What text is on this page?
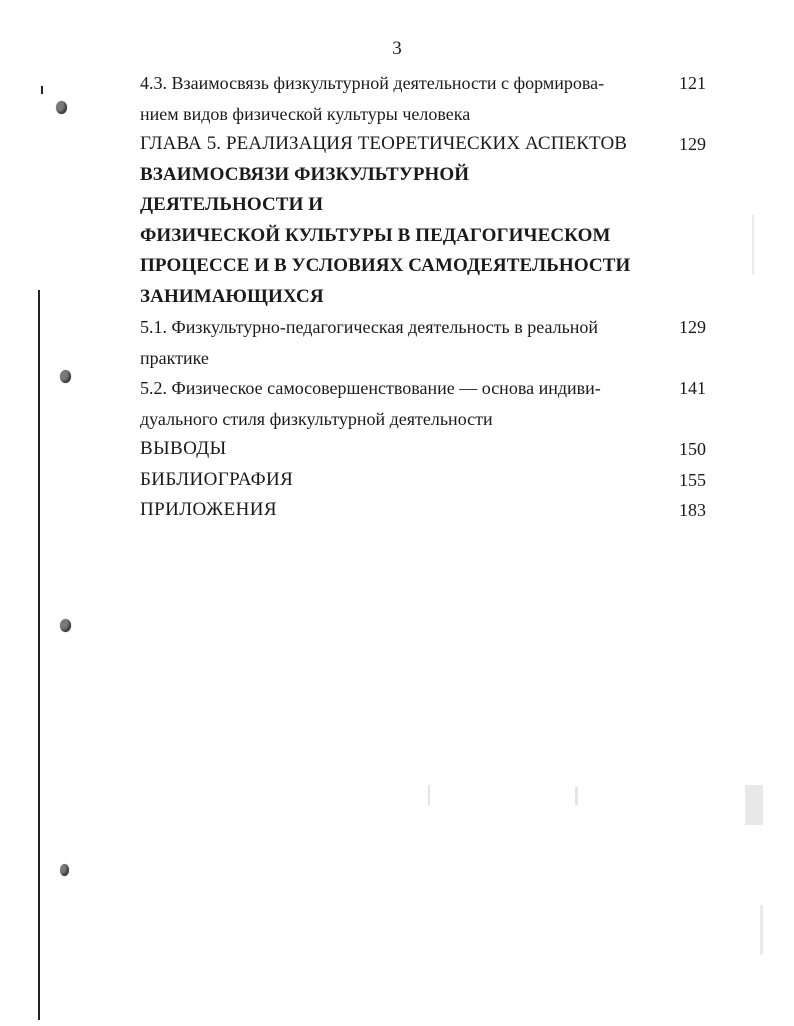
3
4.3. Взаимосвязь физкультурной деятельности с формирова-
нием видов физической культуры человека
121
ГЛАВА 5. РЕАЛИЗАЦИЯ ТЕОРЕТИЧЕСКИХ АСПЕКТОВ
ВЗАИМОСВЯЗИ ФИЗКУЛЬТУРНОЙ ДЕЯТЕЛЬНОСТИ И
ФИЗИЧЕСКОЙ КУЛЬТУРЫ В ПЕДАГОГИЧЕСКОМ
ПРОЦЕССЕ И В УСЛОВИЯХ САМОДЕЯТЕЛЬНОСТИ
ЗАНИМАЮЩИХСЯ
129
5.1. Физкультурно-педагогическая деятельность в реальной
практике
129
5.2. Физическое самосовершенствование — основа индиви-
дуального стиля физкультурной деятельности
141
ВЫВОДЫ	150
БИБЛИОГРАФИЯ	155
ПРИЛОЖЕНИЯ	183
